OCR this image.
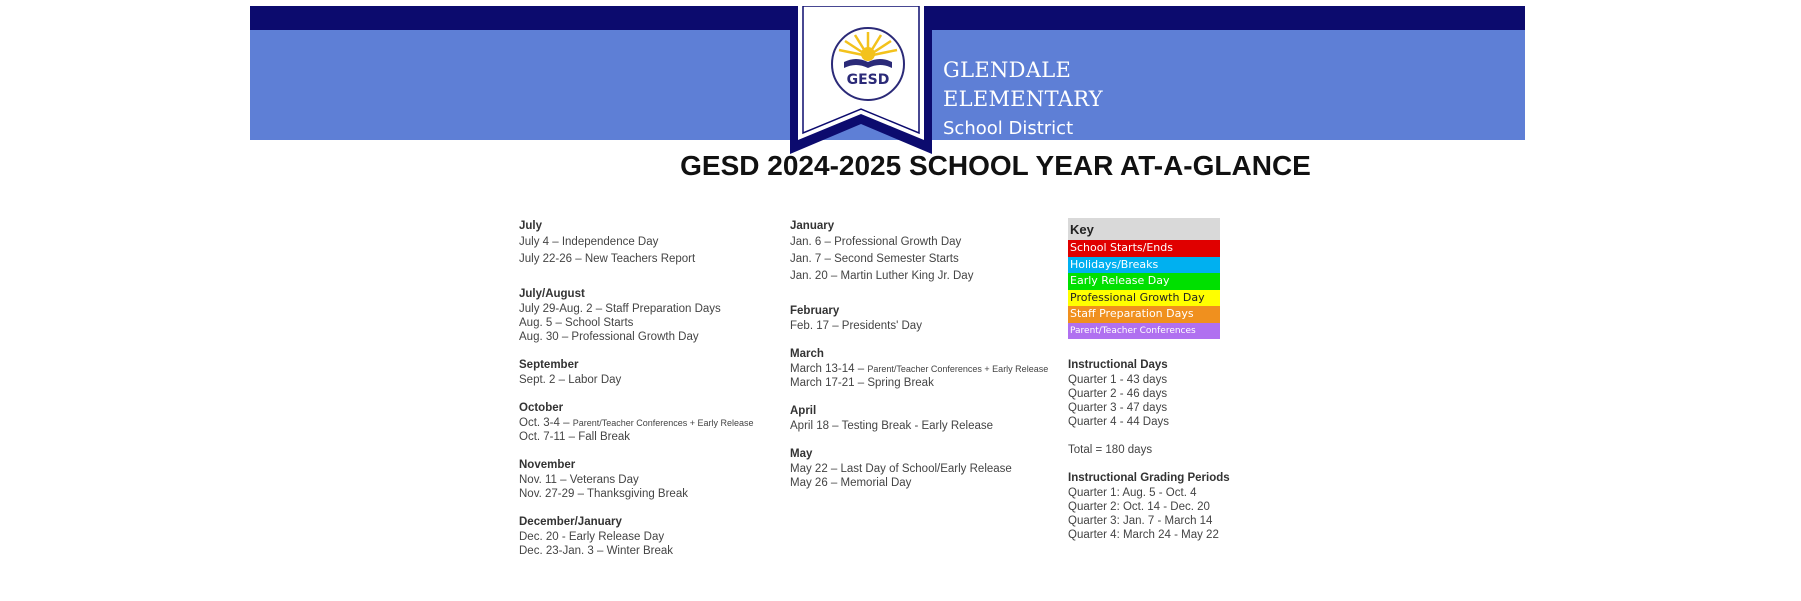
GESD	GLENDALE
ELEMENTARY
School District
GESD 2024-2025 SCHOOL YEAR AT-A-GLANCE
July
July 4 – Independence Day
July 22-26 – New Teachers Report
July/August
July 29-Aug. 2 – Staff Preparation Days
Aug. 5 – School Starts
Aug. 30 – Professional Growth Day
September
Sept. 2 – Labor Day
October
Oct. 3-4 – Parent/Teacher Conferences + Early Release
Oct. 7-11 – Fall Break
November
Nov. 11 – Veterans Day
Nov. 27-29 – Thanksgiving Break
December/January
Dec. 20 - Early Release Day
Dec. 23-Jan. 3 – Winter Break
January
Jan. 6 – Professional Growth Day
Jan. 7 – Second Semester Starts
Jan. 20 – Martin Luther King Jr. Day
February
Feb. 17 – Presidents' Day
March
March 13-14 – Parent/Teacher Conferences + Early Release
March 17-21 – Spring Break
April
April 18 – Testing Break - Early Release
May
May 22 – Last Day of School/Early Release
May 26 – Memorial Day
Key
School Starts/Ends
Holidays/Breaks
Early Release Day
Professional Growth Day
Staff Preparation Days
Parent/Teacher Conferences
Instructional Days
Quarter 1 - 43 days
Quarter 2 - 46 days
Quarter 3 - 47 days
Quarter 4 - 44 Days
Total = 180 days
Instructional Grading Periods
Quarter 1: Aug. 5 - Oct. 4
Quarter 2: Oct. 14 - Dec. 20
Quarter 3: Jan. 7 - March 14
Quarter 4: March 24 - May 22
